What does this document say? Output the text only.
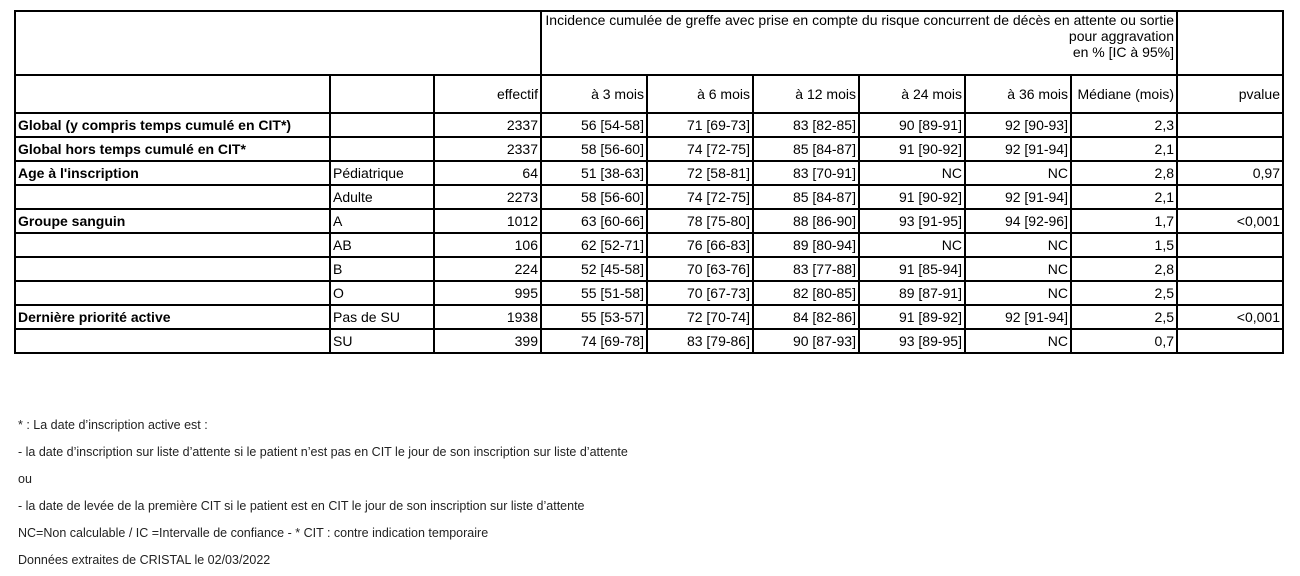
			Incidence cumulée de greffe avec prise en compte du risque concurrent de décès en attente ou sortie pour aggravation
en % [IC à 95%]						

		effectif	à 3 mois	à 6 mois	à 12 mois	à 24 mois	à 36 mois	Médiane (mois)	pvalue
Global (y compris temps cumulé en CIT*)		2337	56 [54-58]	71 [69-73]	83 [82-85]	90 [89-91]	92 [90-93]	2,3	
Global hors temps cumulé en CIT*		2337	58 [56-60]	74 [72-75]	85 [84-87]	91 [90-92]	92 [91-94]	2,1	
Age à l'inscription	Pédiatrique	64	51 [38-63]	72 [58-81]	83 [70-91]	NC	NC	2,8	0,97
	Adulte	2273	58 [56-60]	74 [72-75]	85 [84-87]	91 [90-92]	92 [91-94]	2,1	
Groupe sanguin	A	1012	63 [60-66]	78 [75-80]	88 [86-90]	93 [91-95]	94 [92-96]	1,7	<0,001
	AB	106	62 [52-71]	76 [66-83]	89 [80-94]	NC	NC	1,5	
	B	224	52 [45-58]	70 [63-76]	83 [77-88]	91 [85-94]	NC	2,8	
	O	995	55 [51-58]	70 [67-73]	82 [80-85]	89 [87-91]	NC	2,5	
Dernière priorité active	Pas de SU	1938	55 [53-57]	72 [70-74]	84 [82-86]	91 [89-92]	92 [91-94]	2,5	<0,001
	SU	399	74 [69-78]	83 [79-86]	90 [87-93]	93 [89-95]	NC	0,7	
* : La date d’inscription active est :
- la date d’inscription sur liste d’attente si le patient n’est pas en CIT le jour de son inscription sur liste d’attente
ou
- la date de levée de la première CIT si le patient est en CIT le jour de son inscription sur liste d’attente
NC=Non calculable / IC =Intervalle de confiance - * CIT : contre indication temporaire
Données extraites de CRISTAL le 02/03/2022
